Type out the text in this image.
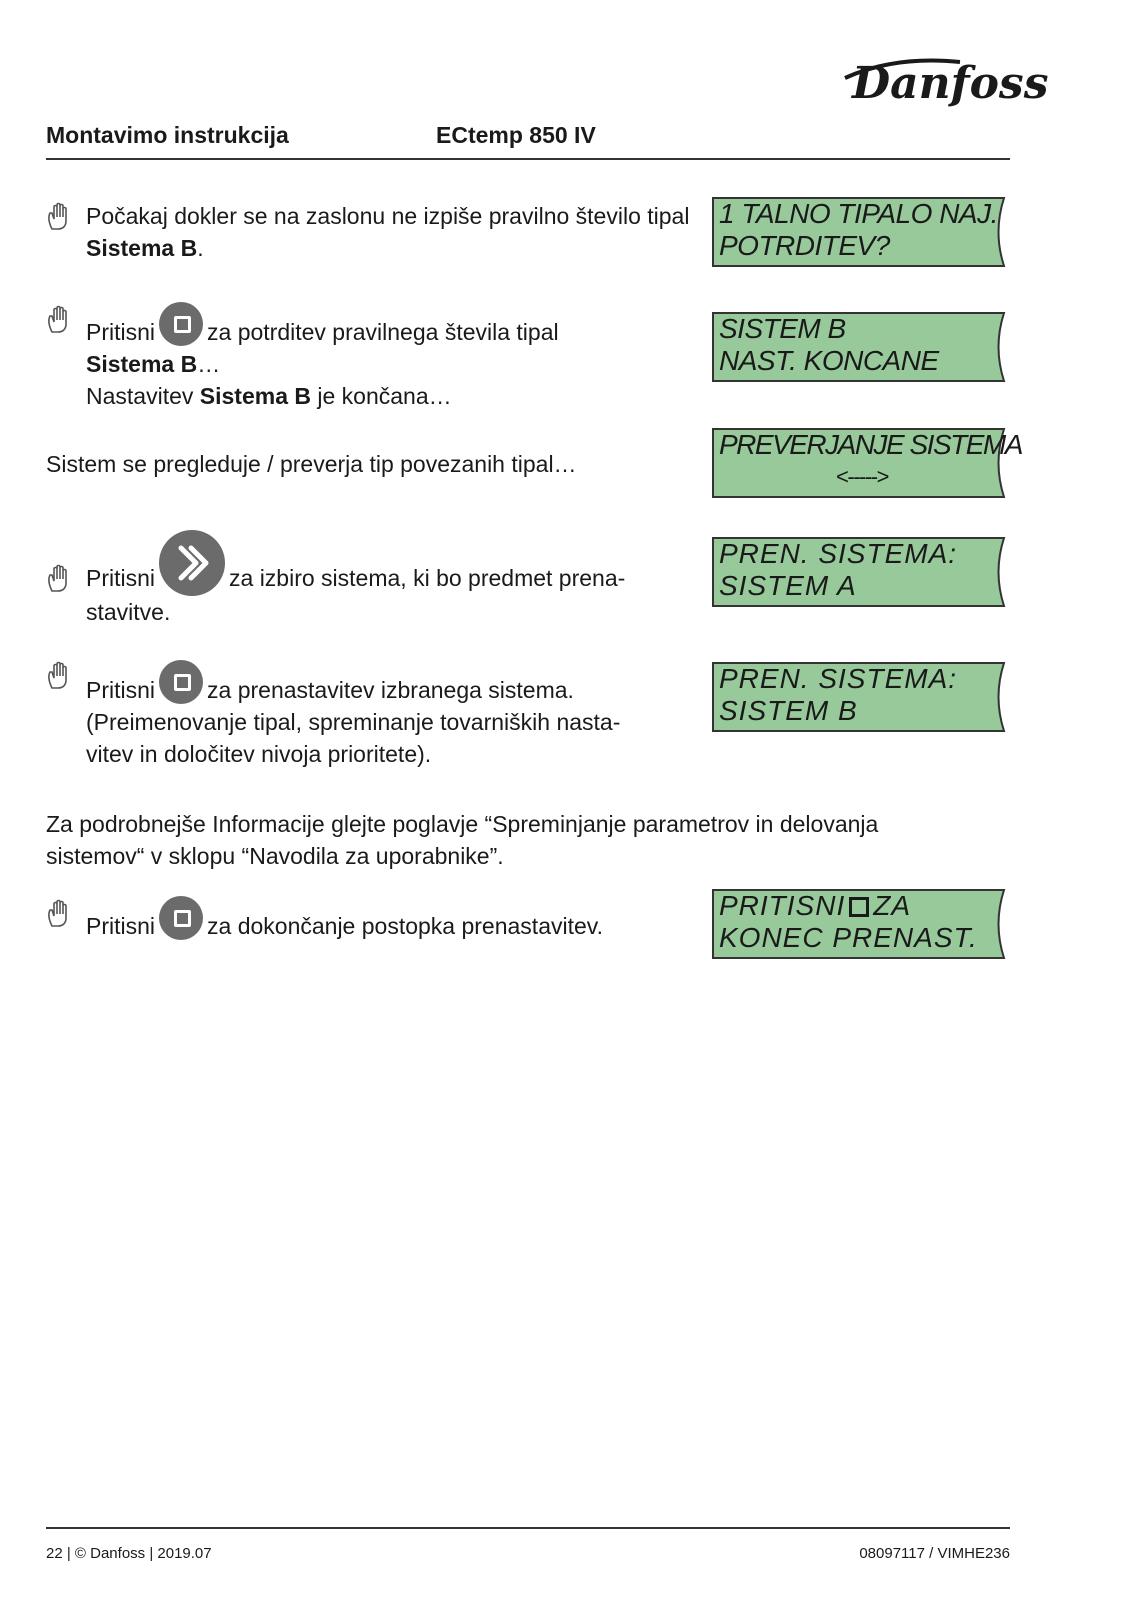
Danfoss
Montavimo instrukcija	ECtemp 850 IV
Počakaj dokler se na zaslonu ne izpiše pravilno število tipal Sistema B.
Pritisni za potrditev pravilnega števila tipal
Sistema B…
Nastavitev Sistema B je končana…
Sistem se pregleduje / preverja tip povezanih tipal…
Pritisni	za izbiro sistema, ki bo predmet prena-
stavitve.
Pritisni za prenastavitev izbranega sistema.
(Preimenovanje tipal, spreminanje tovarniških nasta-
vitev in določitev nivoja prioritete).
Za podrobnejše Informacije glejte poglavje “Spreminjanje parametrov in delovanja
sistemov“ v sklopu “Navodila za uporabnike”.
Pritisni za dokončanje postopka prenastavitev.
1 TALNO TIPALO NAJ.
POTRDITEV?
SISTEM B
NAST. KONCANE
PREVERJANJE SISTEMA

<----->
PREN. SISTEMA:
SISTEM A
PREN. SISTEMA:
SISTEM B
PRITISNI ZA
KONEC PRENAST.
22 | © Danfoss | 2019.07	08097117 / VIMHE236
